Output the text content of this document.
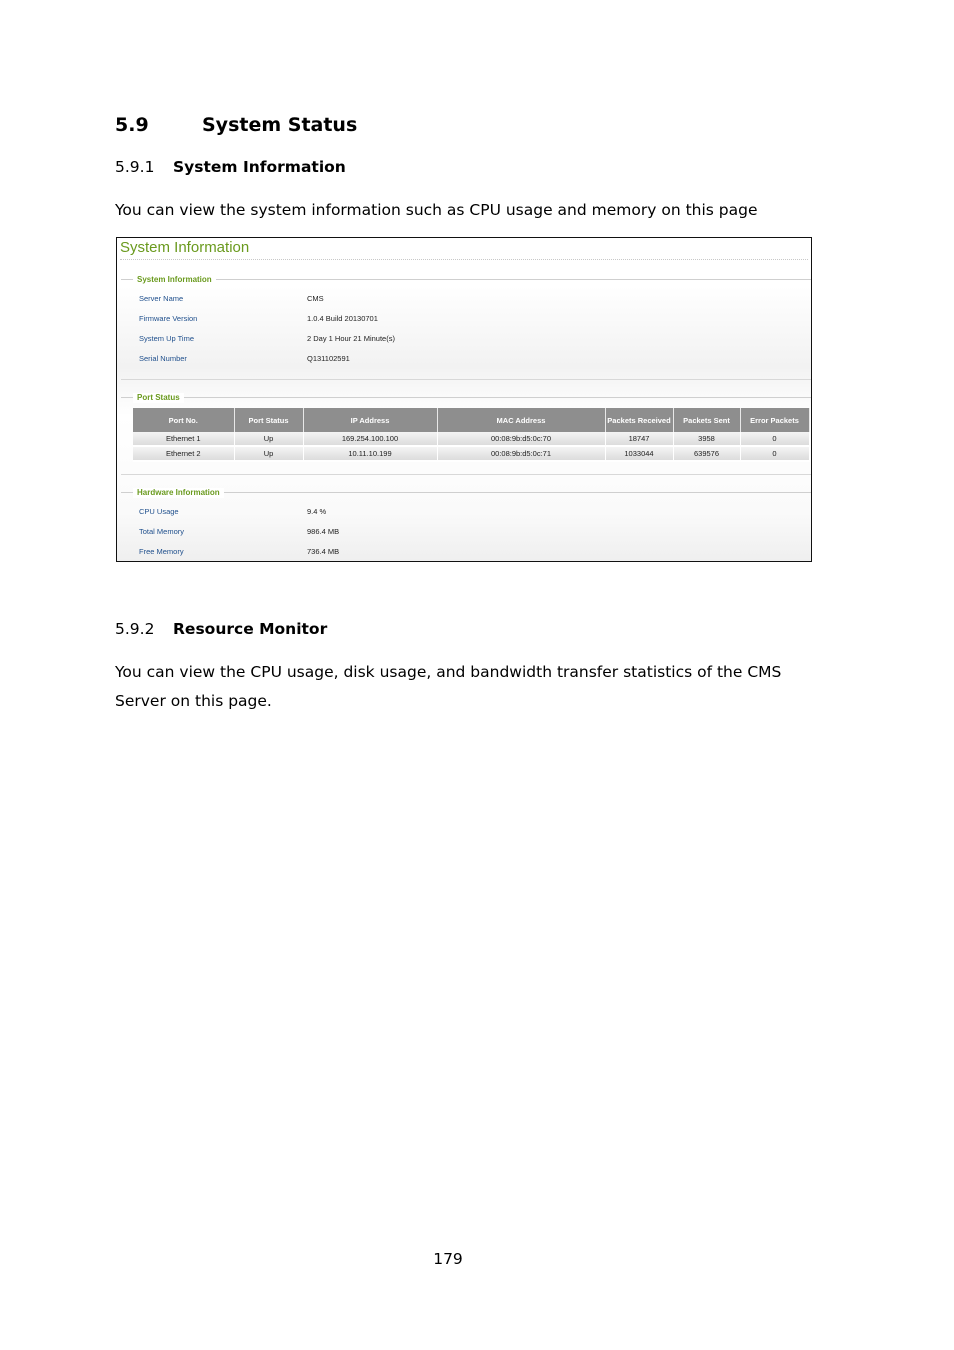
5.9	System Status
5.9.1 System Information
You can view the system information such as CPU usage and memory on this page
System Information
System Information
Server Name	CMS
Firmware Version	1.0.4 Build 20130701
System Up Time	2 Day 1 Hour 21 Minute(s)
Serial Number	Q131102591
Port Status
Port No.	Port Status	IP Address	MAC Address	Packets Received	Packets Sent	Error Packets
Ethernet 1	Up	169.254.100.100	00:08:9b:d5:0c:70	18747	3958	0
Ethernet 2	Up	10.11.10.199	00:08:9b:d5:0c:71	1033044	639576	0
Hardware Information
CPU Usage	9.4 %
Total Memory	986.4 MB
Free Memory	736.4 MB
5.9.2 Resource Monitor
You can view the CPU usage, disk usage, and bandwidth transfer statistics of the CMS Server on this page.
179
